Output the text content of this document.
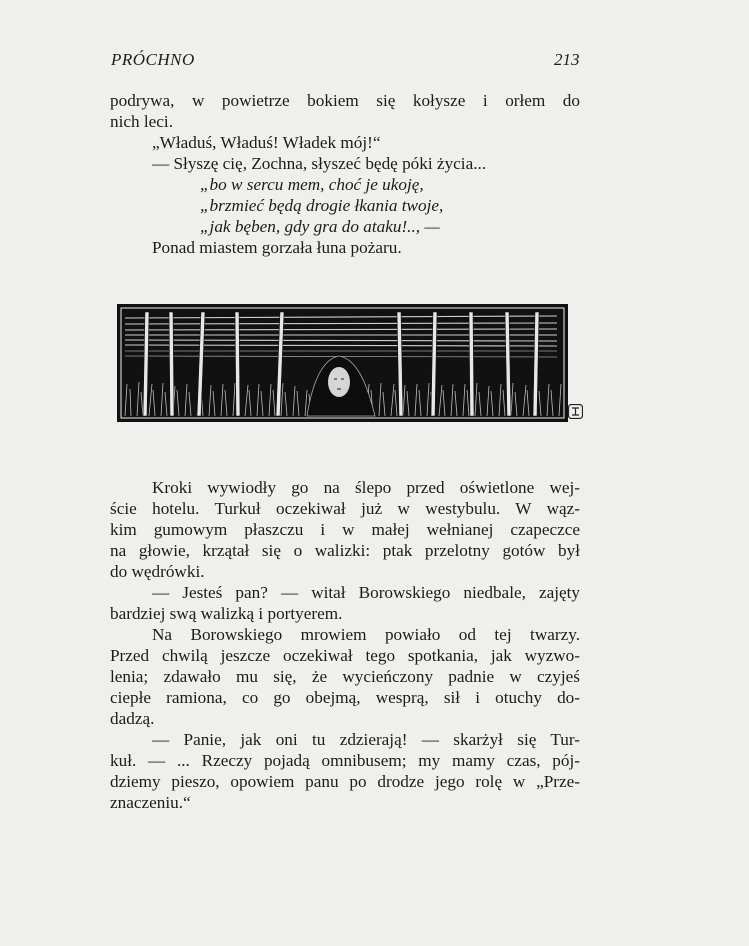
PRÓCHNO	213
podrywa, w powietrze bokiem się kołysze i orłem do
nich leci.
„Właduś, Właduś! Władek mój!“
— Słyszę cię, Zochna, słyszeć będę póki życia...
„bo w sercu mem, choć je ukoję,
„brzmieć będą drogie łkania twoje,
„jak bęben, gdy gra do ataku!.., —
Ponad miastem gorzała łuna pożaru.
Kroki wywiodły go na ślepo przed oświetlone wej-
ście hotelu. Turkuł oczekiwał już w westybulu. W wąz-
kim gumowym płaszczu i w małej wełnianej czapeczce
na głowie, krzątał się o walizki: ptak przelotny gotów był
do wędrówki.
— Jesteś pan? — witał Borowskiego niedbale, zajęty
bardziej swą walizką i portyerem.
Na Borowskiego mrowiem powiało od tej twarzy.
Przed chwilą jeszcze oczekiwał tego spotkania, jak wyzwo-
lenia; zdawało mu się, że wycieńczony padnie w czyjeś
ciepłe ramiona, co go obejmą, wesprą, sił i otuchy do-
dadzą.
— Panie, jak oni tu zdzierają! — skarżył się Tur-
kuł. — ... Rzeczy pojadą omnibusem; my mamy czas, pój-
dziemy pieszo, opowiem panu po drodze jego rolę w „Prze-
znaczeniu.“
